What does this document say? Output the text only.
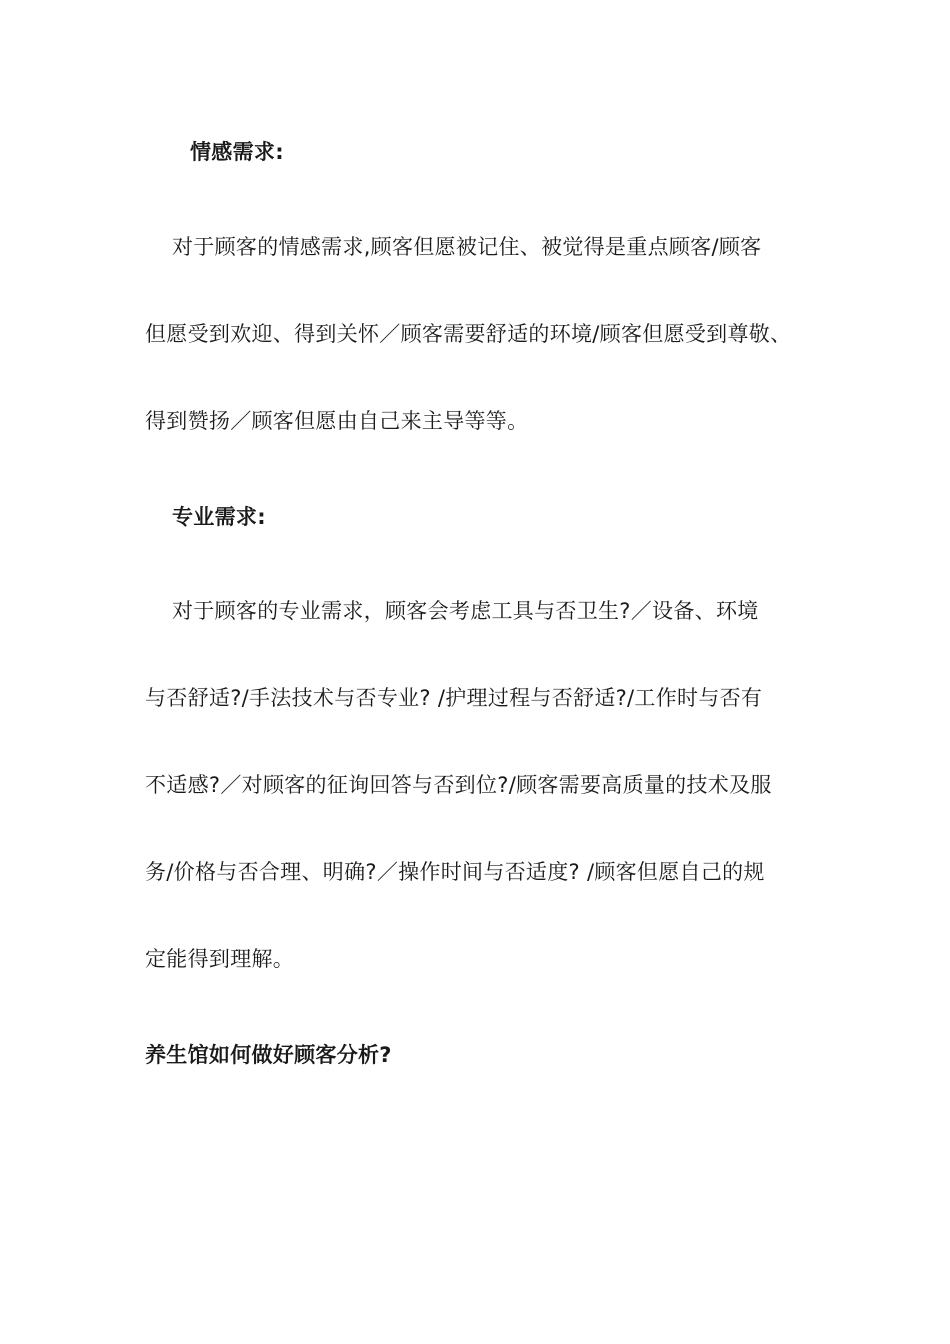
情感需求:
对于顾客的情感需求,顾客但愿被记住、被觉得是重点顾客/顾客
但愿受到欢迎、得到关怀／顾客需要舒适的环境/顾客但愿受到尊敬、
得到赞扬／顾客但愿由自己来主导等等。
专业需求:
对于顾客的专业需求，顾客会考虑工具与否卫生?／设备、环境
与否舒适?/手法技术与否专业? /护理过程与否舒适?/工作时与否有
不适感?／对顾客的征询回答与否到位?/顾客需要高质量的技术及服
务/价格与否合理、明确?／操作时间与否适度? /顾客但愿自己的规
定能得到理解。
养生馆如何做好顾客分析?
